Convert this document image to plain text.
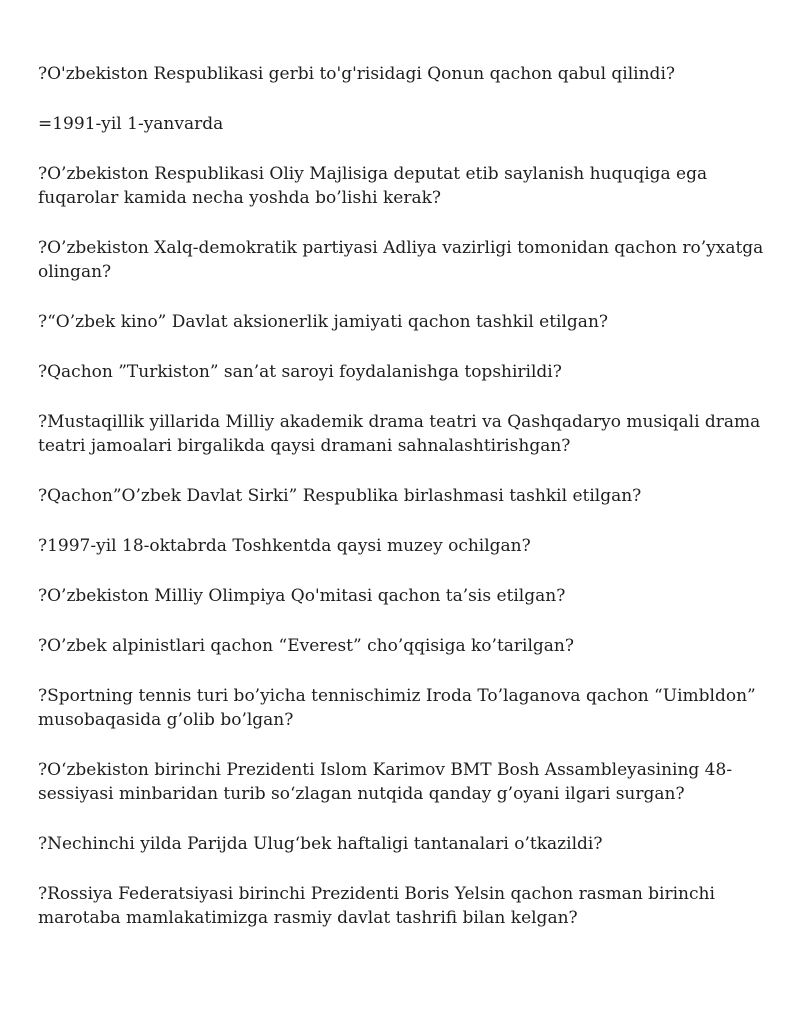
?O'zbekiston Respublikasi gerbi to'g'risidagi Qonun qachon qabul qilindi?

=1991-yil 1-yanvarda

?O’zbekiston Respublikasi Oliy Majlisiga deputat etib saylanish huquqiga ega fuqarolar kamida necha yoshda bo’lishi kerak?

?O’zbekiston Xalq-demokratik partiyasi Adliya vazirligi tomonidan qachon ro’yxatga olingan?

?“O’zbek kino” Davlat aksionerlik jamiyati qachon tashkil etilgan?

?Qachon ”Turkiston” san’at saroyi foydalanishga topshirildi?

?Mustaqillik yillarida Milliy akademik drama teatri va Qashqadaryo musiqali drama teatri jamoalari birgalikda qaysi dramani sahnalashtirishgan?

?Qachon”O’zbek Davlat Sirki” Respublika birlashmasi tashkil etilgan?

?1997-yil 18-oktabrda Toshkentda qaysi muzey ochilgan?

?O’zbekiston Milliy Olimpiya Qo'mitasi qachon ta’sis etilgan?

?O’zbek alpinistlari qachon “Everest” cho’qqisiga ko’tarilgan?

?Sportning tennis turi bo’yicha tennischimiz Iroda To’laganova qachon “Uimbldon” musobaqasida g’olib bo’lgan?

?O‘zbekiston birinchi Prezidenti Islom Karimov BMT Bosh Assambleyasining 48-sessiyasi minbaridan turib so‘zlagan nutqida qanday g’oyani ilgari surgan?

?Nechinchi yilda Parijda Ulug‘bek haftaligi tantanalari o’tkazildi?

?Rossiya Federatsiyasi birinchi Prezidenti Boris Yelsin qachon rasman birinchi marotaba mamlakatimizga rasmiy davlat tashrifi bilan kelgan?
